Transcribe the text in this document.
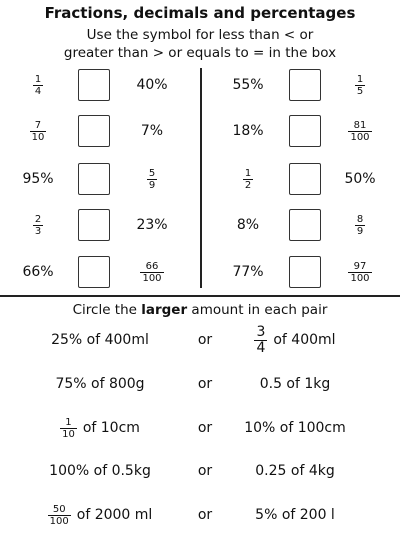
Fractions, decimals and percentages
Use the symbol for less than < or
greater than > or equals to = in the box
$\frac{1}{4}$	40%
$\frac{7}{10}$	7%
95%	$\frac{5}{9}$
$\frac{2}{3}$	23%
66%	$\frac{66}{100}$
55%	$\frac{1}{5}$
18%	$\frac{81}{100}$
$\frac{1}{2}$	50%
8%	$\frac{8}{9}$
77%	$\frac{97}{100}$
Circle the larger amount in each pair
25% of 400ml	or	$\frac{3}{4}$ of 400ml
75% of 800g	or	0.5 of 1kg
$\frac{1}{10}$ of 10cm	or	10% of 100cm
100% of 0.5kg	or	0.25 of 4kg
$\frac{50}{100}$ of 2000 ml	or	5% of 200 l
